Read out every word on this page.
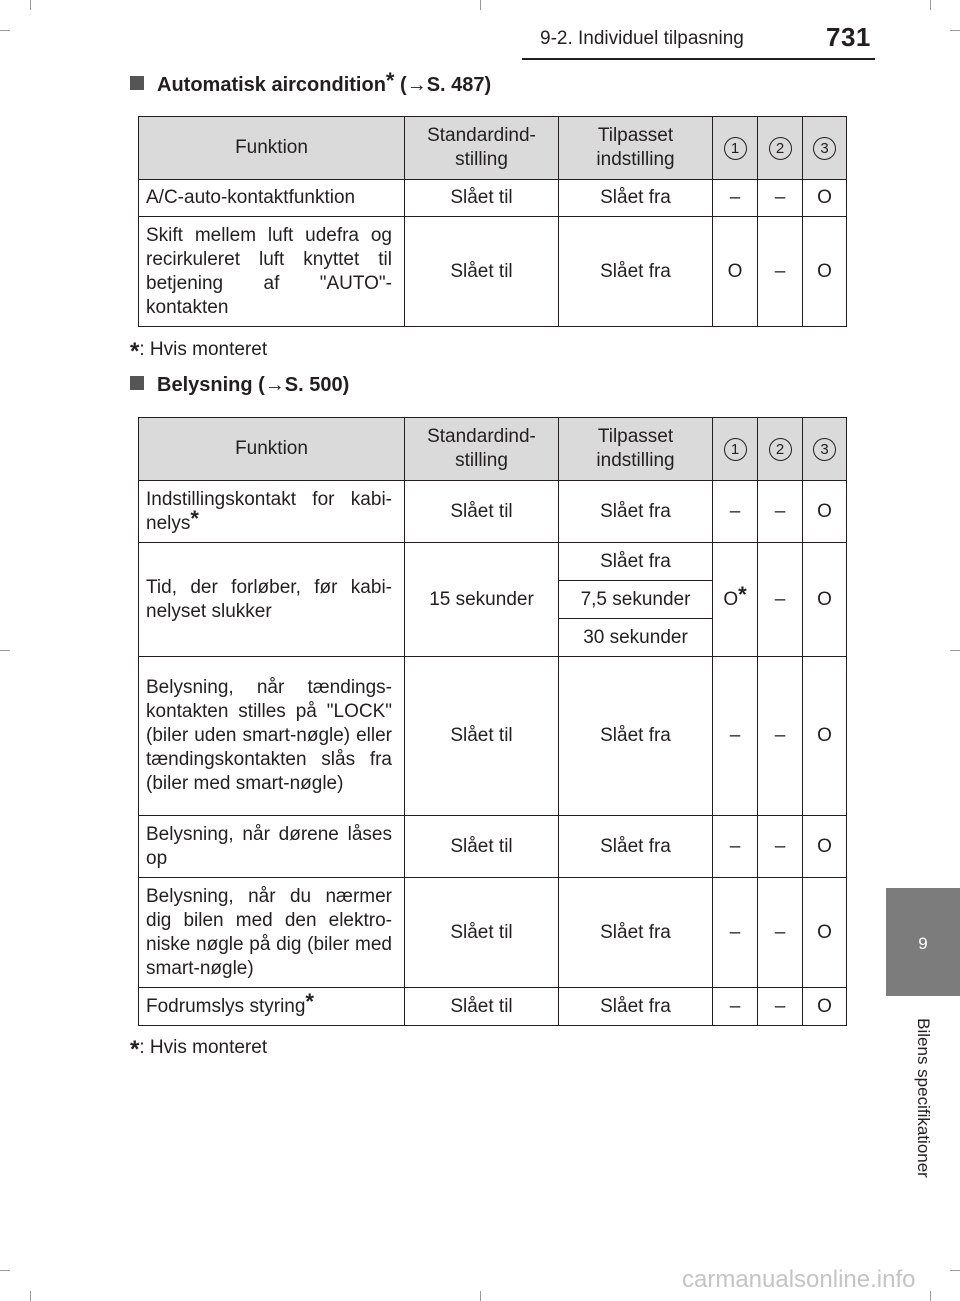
9-2. Individuel tilpasning	731
9
Bilens specifikationer
Automatisk aircondition* (→S. 487)
Funktion	Standardind-stilling	Tilpasset indstilling	1	2	3
A/C-auto-kontaktfunktion	Slået til	Slået fra	–	–	O
Skift mellem luft udefra og recirkuleret luft knyttet til betjening af "AUTO"-kontakten	Slået til	Slået fra	O	–	O
*: Hvis monteret
Belysning (→S. 500)
Funktion	Standardind-stilling	Tilpasset indstilling	1	2	3
Indstillingskontakt for kabi-nelys*	Slået til	Slået fra	–	–	O
Tid, der forløber, før kabi-nelyset slukker	15 sekunder	Slået fra	O*	–	O
		7,5 sekunder			
		30 sekunder			
Belysning, når tændings-kontakten stilles på "LOCK" (biler uden smart-nøgle) eller tændingskontakten slås fra (biler med smart-nøgle)	Slået til	Slået fra	–	–	O
Belysning, når dørene låses op	Slået til	Slået fra	–	–	O
Belysning, når du nærmer dig bilen med den elektro-niske nøgle på dig (biler med smart-nøgle)	Slået til	Slået fra	–	–	O
Fodrumslys styring*	Slået til	Slået fra	–	–	O
*: Hvis monteret
carmanualsonline.info
